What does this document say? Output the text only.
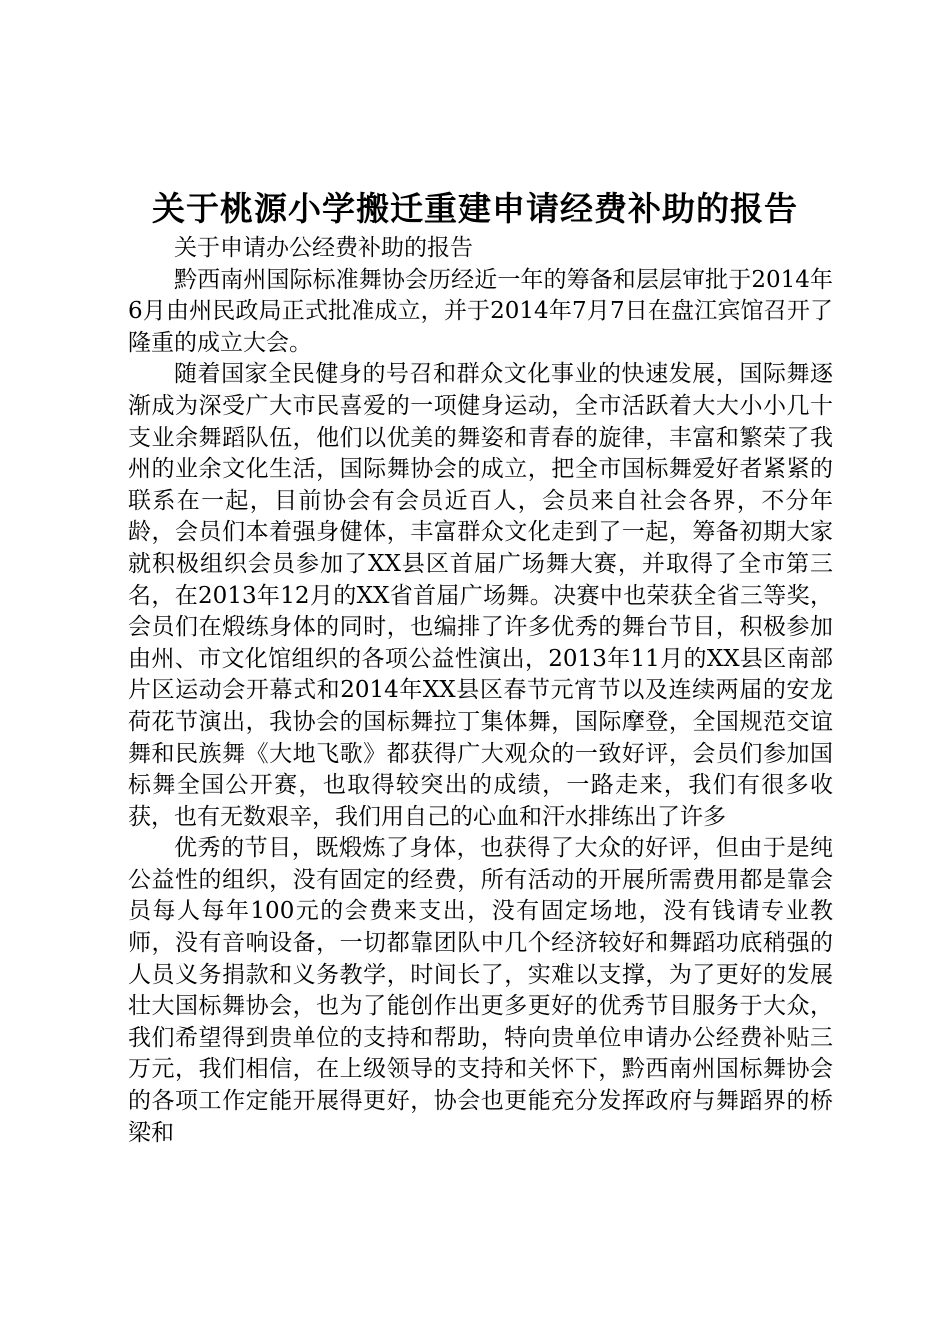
关于桃源小学搬迁重建申请经费补助的报告

关于申请办公经费补助的报告

黔西南州国际标准舞协会历经近一年的筹备和层层审批于2014年6月由州民政局正式批准成立，并于2014年7月7日在盘江宾馆召开了隆重的成立大会。

随着国家全民健身的号召和群众文化事业的快速发展，国际舞逐渐成为深受广大市民喜爱的一项健身运动，全市活跃着大大小小几十支业余舞蹈队伍，他们以优美的舞姿和青春的旋律，丰富和繁荣了我州的业余文化生活，国际舞协会的成立，把全市国标舞爱好者紧紧的联系在一起，目前协会有会员近百人，会员来自社会各界，不分年龄，会员们本着强身健体，丰富群众文化走到了一起，筹备初期大家就积极组织会员参加了XX县区首届广场舞大赛，并取得了全市第三名，在2013年12月的XX省首届广场舞。决赛中也荣获全省三等奖，会员们在煅练身体的同时，也编排了许多优秀的舞台节目，积极参加由州、市文化馆组织的各项公益性演出，2013年11月的XX县区南部片区运动会开幕式和2014年XX县区春节元宵节以及连续两届的安龙荷花节演出，我协会的国标舞拉丁集体舞，国际摩登，全国规范交谊舞和民族舞《大地飞歌》都获得广大观众的一致好评，会员们参加国标舞全国公开赛，也取得较突出的成绩，一路走来，我们有很多收获，也有无数艰辛，我们用自己的心血和汗水排练出了许多

优秀的节目，既煅炼了身体，也获得了大众的好评，但由于是纯公益性的组织，没有固定的经费，所有活动的开展所需费用都是靠会员每人每年100元的会费来支出，没有固定场地，没有钱请专业教师，没有音响设备，一切都靠团队中几个经济较好和舞蹈功底稍强的人员义务捐款和义务教学，时间长了，实难以支撑，为了更好的发展壮大国标舞协会，也为了能创作出更多更好的优秀节目服务于大众，我们希望得到贵单位的支持和帮助，特向贵单位申请办公经费补贴三万元，我们相信，在上级领导的支持和关怀下，黔西南州国标舞协会的各项工作定能开展得更好，协会也更能充分发挥政府与舞蹈界的桥梁和
